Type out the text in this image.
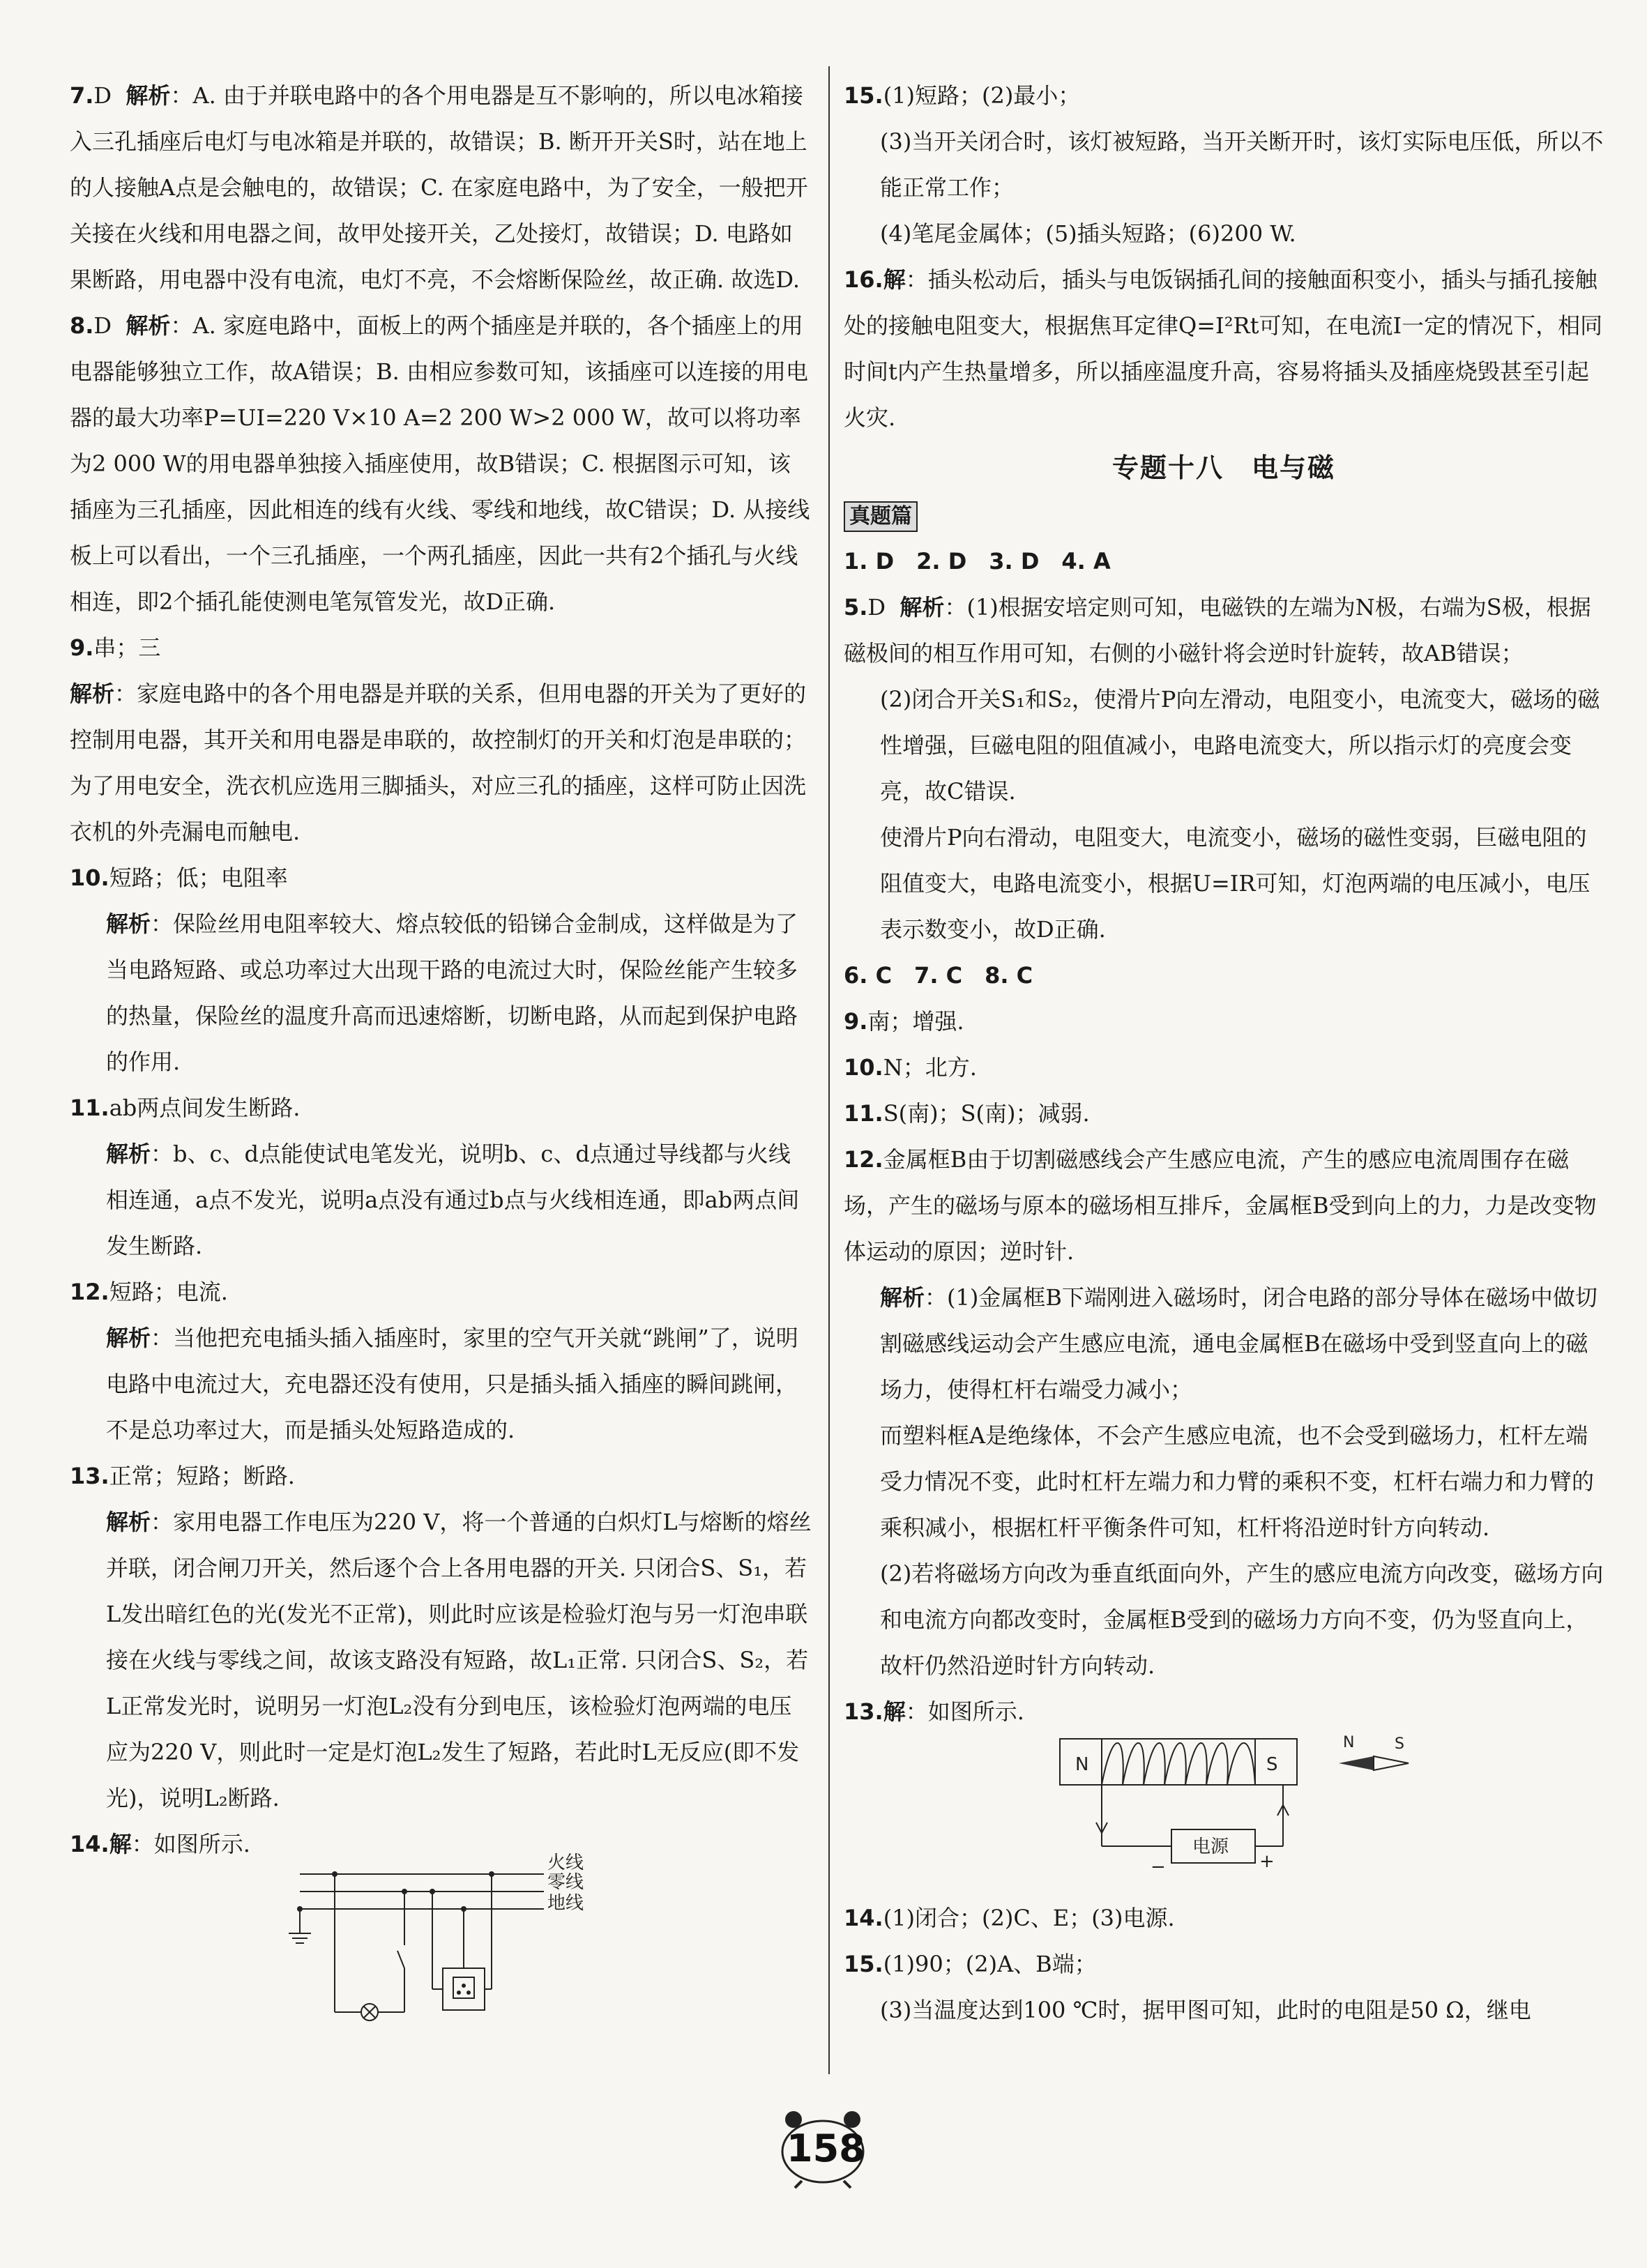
7.D 解析：A. 由于并联电路中的各个用电器是互不影响的，所以电冰箱接入三孔插座后电灯与电冰箱是并联的，故错误；B. 断开开关S时，站在地上的人接触A点是会触电的，故错误；C. 在家庭电路中，为了安全，一般把开关接在火线和用电器之间，故甲处接开关，乙处接灯，故错误；D. 电路如果断路，用电器中没有电流，电灯不亮，不会熔断保险丝，故正确. 故选D.

8.D 解析：A. 家庭电路中，面板上的两个插座是并联的，各个插座上的用电器能够独立工作，故A错误；B. 由相应参数可知，该插座可以连接的用电器的最大功率P=UI=220 V×10 A=2 200 W>2 000 W，故可以将功率为2 000 W的用电器单独接入插座使用，故B错误；C. 根据图示可知，该插座为三孔插座，因此相连的线有火线、零线和地线，故C错误；D. 从接线板上可以看出，一个三孔插座，一个两孔插座，因此一共有2个插孔与火线相连，即2个插孔能使测电笔氖管发光，故D正确.

9.串；三

解析：家庭电路中的各个用电器是并联的关系，但用电器的开关为了更好的控制用电器，其开关和用电器是串联的，故控制灯的开关和灯泡是串联的；为了用电安全，洗衣机应选用三脚插头，对应三孔的插座，这样可防止因洗衣机的外壳漏电而触电.

10.短路；低；电阻率

解析：保险丝用电阻率较大、熔点较低的铅锑合金制成，这样做是为了当电路短路、或总功率过大出现干路的电流过大时，保险丝能产生较多的热量，保险丝的温度升高而迅速熔断，切断电路，从而起到保护电路的作用.

11.ab两点间发生断路.

解析：b、c、d点能使试电笔发光，说明b、c、d点通过导线都与火线相连通，a点不发光，说明a点没有通过b点与火线相连通，即ab两点间发生断路.

12.短路；电流.

解析：当他把充电插头插入插座时，家里的空气开关就“跳闸”了，说明电路中电流过大，充电器还没有使用，只是插头插入插座的瞬间跳闸，不是总功率过大，而是插头处短路造成的.

13.正常；短路；断路.

解析：家用电器工作电压为220 V，将一个普通的白炽灯L与熔断的熔丝并联，闭合闸刀开关，然后逐个合上各用电器的开关. 只闭合S、S₁，若L发出暗红色的光(发光不正常)，则此时应该是检验灯泡与另一灯泡串联接在火线与零线之间，故该支路没有短路，故L₁正常. 只闭合S、S₂，若L正常发光时，说明另一灯泡L₂没有分到电压，该检验灯泡两端的电压应为220 V，则此时一定是灯泡L₂发生了短路，若此时L无反应(即不发光)，说明L₂断路.

14.解：如图所示.

火线
零线
地线

15.(1)短路；(2)最小；

(3)当开关闭合时，该灯被短路，当开关断开时，该灯实际电压低，所以不能正常工作；

(4)笔尾金属体；(5)插头短路；(6)200 W.

16.解：插头松动后，插头与电饭锅插孔间的接触面积变小，插头与插孔接触处的接触电阻变大，根据焦耳定律Q=I²Rt可知，在电流I一定的情况下，相同时间t内产生热量增多，所以插座温度升高，容易将插头及插座烧毁甚至引起火灾.

专题十八　电与磁
真题篇

1. D　2. D　3. D　4. A

5.D 解析：(1)根据安培定则可知，电磁铁的左端为N极，右端为S极，根据磁极间的相互作用可知，右侧的小磁针将会逆时针旋转，故AB错误；

(2)闭合开关S₁和S₂，使滑片P向左滑动，电阻变小，电流变大，磁场的磁性增强，巨磁电阻的阻值减小，电路电流变大，所以指示灯的亮度会变亮，故C错误.

使滑片P向右滑动，电阻变大，电流变小，磁场的磁性变弱，巨磁电阻的阻值变大，电路电流变小，根据U=IR可知，灯泡两端的电压减小，电压表示数变小，故D正确.

6. C　7. C　8. C

9.南；增强.

10.N；北方.

11.S(南)；S(南)；减弱.

12.金属框B由于切割磁感线会产生感应电流，产生的感应电流周围存在磁场，产生的磁场与原本的磁场相互排斥，金属框B受到向上的力，力是改变物体运动的原因；逆时针.

解析：(1)金属框B下端刚进入磁场时，闭合电路的部分导体在磁场中做切割磁感线运动会产生感应电流，通电金属框B在磁场中受到竖直向上的磁场力，使得杠杆右端受力减小；

而塑料框A是绝缘体，不会产生感应电流，也不会受到磁场力，杠杆左端受力情况不变，此时杠杆左端力和力臂的乘积不变，杠杆右端力和力臂的乘积减小，根据杠杆平衡条件可知，杠杆将沿逆时针方向转动.

(2)若将磁场方向改为垂直纸面向外，产生的感应电流方向改变，磁场方向和电流方向都改变时，金属框B受到的磁场力方向不变，仍为竖直向上，故杆仍然沿逆时针方向转动.

13.解：如图所示.

N	S
电源
−	+
N	S

14.(1)闭合；(2)C、E；(3)电源.

15.(1)90；(2)A、B端；

(3)当温度达到100 ℃时，据甲图可知，此时的电阻是50 Ω，继电

158
